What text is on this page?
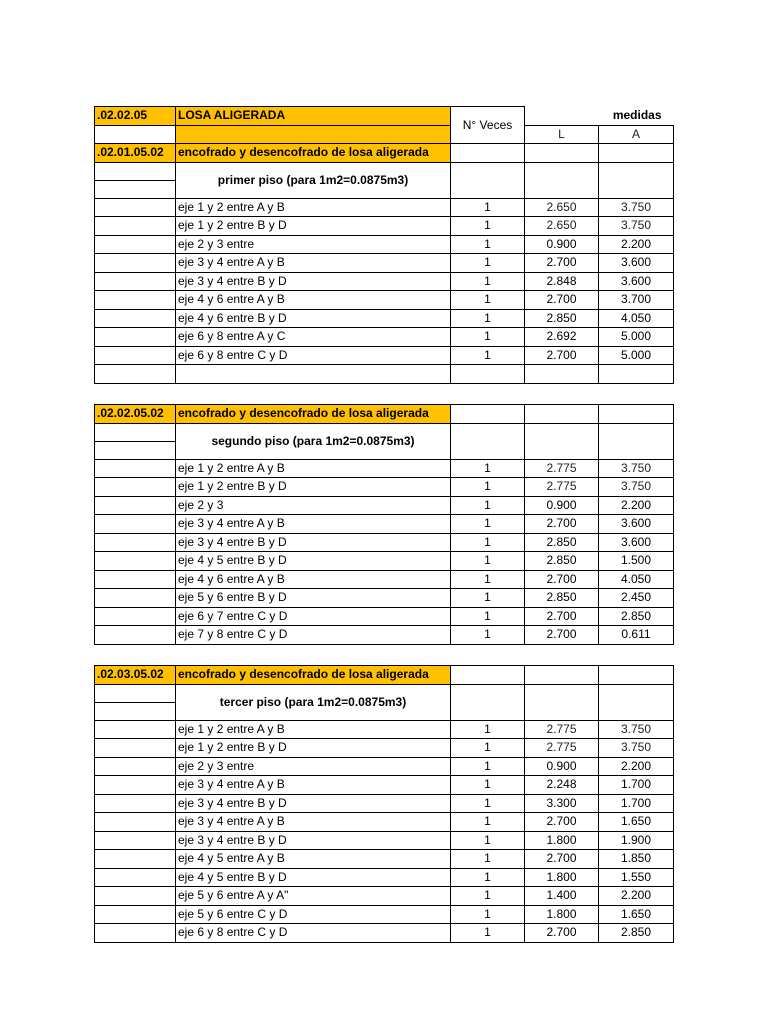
.02.02.05	LOSA ALIGERADA	N° Veces	medidas	
			L	A
.02.01.05.02	encofrado y desencofrado de losa aligerada			
	primer piso (para 1m2=0.0875m3)			

	eje 1 y 2 entre A y B	1	2.650	3.750
	eje 1 y 2 entre B y D	1	2.650	3.750
	eje 2 y 3 entre	1	0.900	2.200
	eje 3 y 4 entre A y B	1	2.700	3.600
	eje 3 y 4 entre B y D	1	2.848	3.600
	eje 4 y 6 entre A y B	1	2.700	3.700
	eje 4 y 6 entre B y D	1	2.850	4.050
	eje 6 y 8 entre A y C	1	2.692	5.000
	eje 6 y 8 entre C y D	1	2.700	5.000

.02.02.05.02	encofrado y desencofrado de losa aligerada			
	segundo piso (para 1m2=0.0875m3)			

	eje 1 y 2 entre A y B	1	2.775	3.750
	eje 1 y 2 entre B y D	1	2.775	3.750
	eje 2 y 3	1	0.900	2.200
	eje 3 y 4 entre A y B	1	2.700	3.600
	eje 3 y 4 entre B y D	1	2.850	3.600
	eje 4 y 5 entre B y D	1	2.850	1.500
	eje 4 y 6 entre A y B	1	2.700	4.050
	eje 5 y 6 entre B y D	1	2.850	2.450
	eje 6 y 7 entre C y D	1	2.700	2.850
	eje 7 y 8 entre C y D	1	2.700	0.611
.02.03.05.02	encofrado y desencofrado de losa aligerada			
	tercer piso (para 1m2=0.0875m3)			

	eje 1 y 2 entre A y B	1	2.775	3.750
	eje 1 y 2 entre B y D	1	2.775	3.750
	eje 2 y 3 entre	1	0.900	2.200
	eje 3 y 4 entre A y B	1	2.248	1.700
	eje 3 y 4 entre B y D	1	3.300	1.700
	eje 3 y 4 entre A y B	1	2.700	1.650
	eje 3 y 4 entre B y D	1	1.800	1.900
	eje 4 y 5 entre A y B	1	2.700	1.850
	eje 4 y 5 entre B y D	1	1.800	1.550
	eje 5 y 6 entre A y A"	1	1.400	2.200
	eje 5 y 6 entre C y D	1	1.800	1.650
	eje 6 y 8 entre C y D	1	2.700	2.850
